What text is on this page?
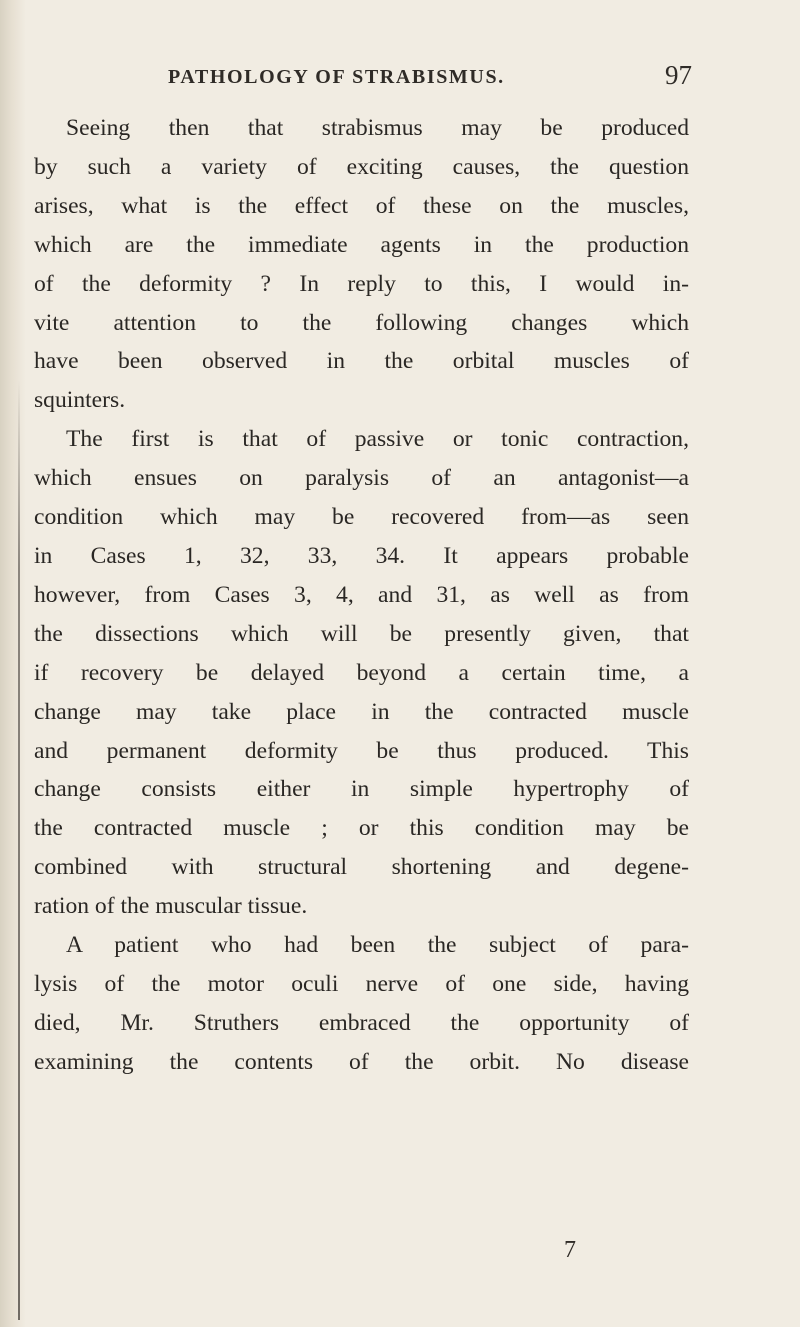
PATHOLOGY OF STRABISMUS.	97
Seeing then that strabismus may be produced
by such a variety of exciting causes, the question
arises, what is the effect of these on the muscles,
which are the immediate agents in the production
of the deformity ? In reply to this, I would in-
vite attention to the following changes which
have been observed in the orbital muscles of
squinters.
The first is that of passive or tonic contraction,
which ensues on paralysis of an antagonist—a
condition which may be recovered from—as seen
in Cases 1, 32, 33, 34. It appears probable
however, from Cases 3, 4, and 31, as well as from
the dissections which will be presently given, that
if recovery be delayed beyond a certain time, a
change may take place in the contracted muscle
and permanent deformity be thus produced. This
change consists either in simple hypertrophy of
the contracted muscle ; or this condition may be
combined with structural shortening and degene-
ration of the muscular tissue.
A patient who had been the subject of para-
lysis of the motor oculi nerve of one side, having
died, Mr. Struthers embraced the opportunity of
examining the contents of the orbit. No disease
7
